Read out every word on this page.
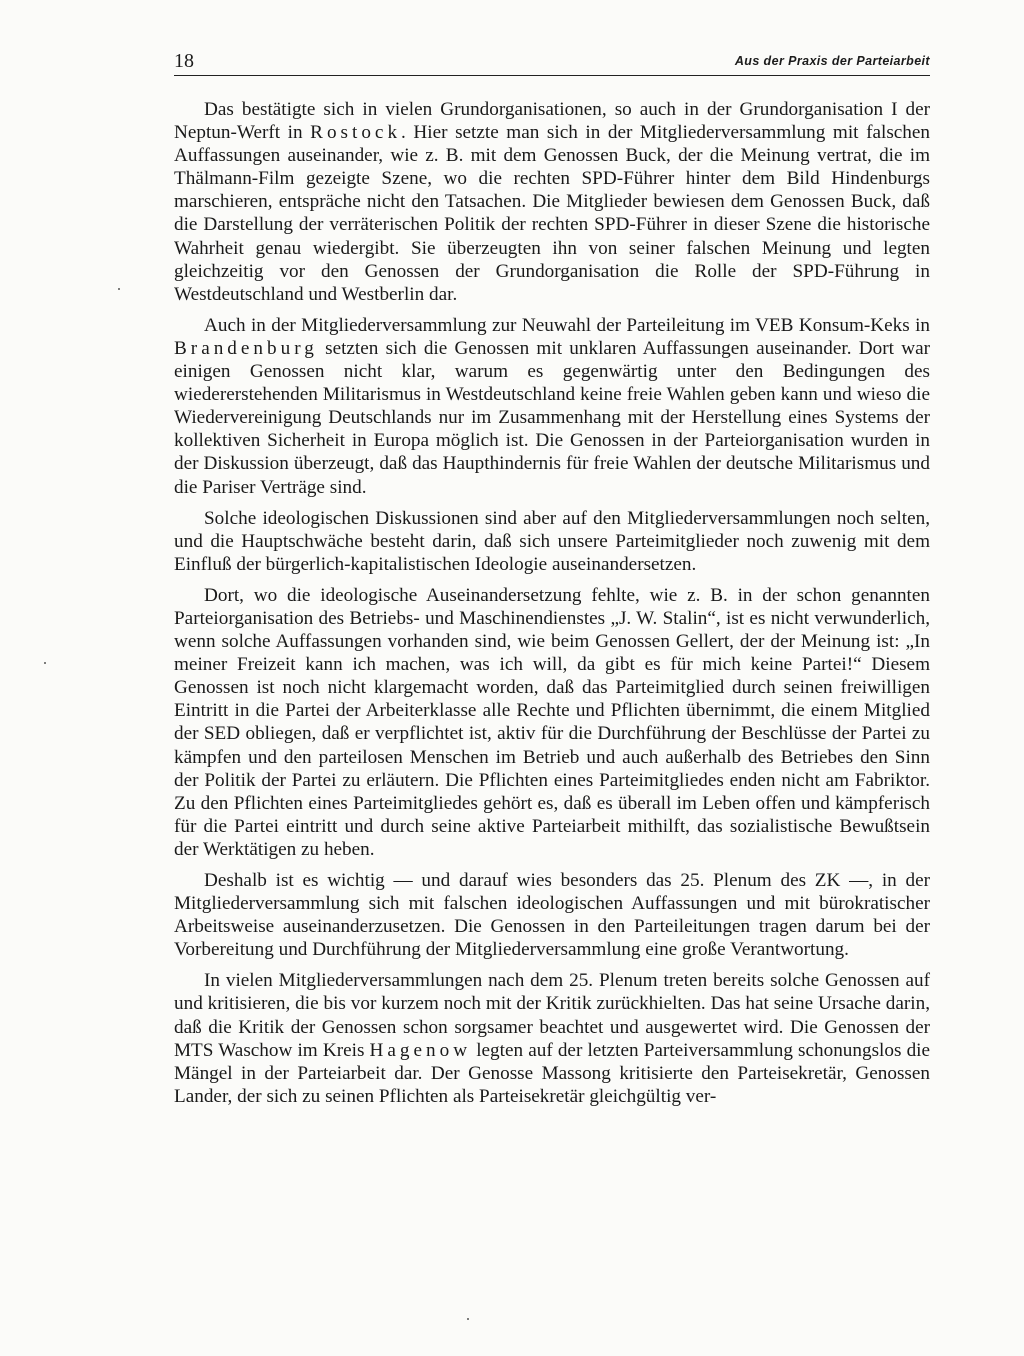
18	Aus der Praxis der Parteiarbeit

Das bestätigte sich in vielen Grundorganisationen, so auch in der Grundorganisation I der Neptun-Werft in Rostock. Hier setzte man sich in der Mitgliederversammlung mit falschen Auffassungen auseinander, wie z. B. mit dem Genossen Buck, der die Meinung vertrat, die im Thälmann-Film gezeigte Szene, wo die rechten SPD-Führer hinter dem Bild Hindenburgs marschieren, entspräche nicht den Tatsachen. Die Mitglieder bewiesen dem Genossen Buck, daß die Darstellung der verräterischen Politik der rechten SPD-Führer in dieser Szene die historische Wahrheit genau wiedergibt. Sie überzeugten ihn von seiner falschen Meinung und legten gleichzeitig vor den Genossen der Grundorganisation die Rolle der SPD-Führung in Westdeutschland und Westberlin dar.

Auch in der Mitgliederversammlung zur Neuwahl der Parteileitung im VEB Konsum-Keks in Brandenburg setzten sich die Genossen mit unklaren Auffassungen auseinander. Dort war einigen Genossen nicht klar, warum es gegenwärtig unter den Bedingungen des wiedererstehenden Militarismus in Westdeutschland keine freie Wahlen geben kann und wieso die Wiedervereinigung Deutschlands nur im Zusammenhang mit der Herstellung eines Systems der kollektiven Sicherheit in Europa möglich ist. Die Genossen in der Parteiorganisation wurden in der Diskussion überzeugt, daß das Haupthindernis für freie Wahlen der deutsche Militarismus und die Pariser Verträge sind.

Solche ideologischen Diskussionen sind aber auf den Mitgliederversammlungen noch selten, und die Hauptschwäche besteht darin, daß sich unsere Parteimitglieder noch zuwenig mit dem Einfluß der bürgerlich-kapitalistischen Ideologie auseinandersetzen.

Dort, wo die ideologische Auseinandersetzung fehlte, wie z. B. in der schon genannten Parteiorganisation des Betriebs- und Maschinendienstes „J. W. Stalin“, ist es nicht verwunderlich, wenn solche Auffassungen vorhanden sind, wie beim Genossen Gellert, der der Meinung ist: „In meiner Freizeit kann ich machen, was ich will, da gibt es für mich keine Partei!“ Diesem Genossen ist noch nicht klargemacht worden, daß das Parteimitglied durch seinen freiwilligen Eintritt in die Partei der Arbeiterklasse alle Rechte und Pflichten übernimmt, die einem Mitglied der SED obliegen, daß er verpflichtet ist, aktiv für die Durchführung der Beschlüsse der Partei zu kämpfen und den parteilosen Menschen im Betrieb und auch außerhalb des Betriebes den Sinn der Politik der Partei zu erläutern. Die Pflichten eines Parteimitgliedes enden nicht am Fabriktor. Zu den Pflichten eines Parteimitgliedes gehört es, daß es überall im Leben offen und kämpferisch für die Partei eintritt und durch seine aktive Parteiarbeit mithilft, das sozialistische Bewußtsein der Werktätigen zu heben.

Deshalb ist es wichtig — und darauf wies besonders das 25. Plenum des ZK —, in der Mitgliederversammlung sich mit falschen ideologischen Auffassungen und mit bürokratischer Arbeitsweise auseinanderzusetzen. Die Genossen in den Parteileitungen tragen darum bei der Vorbereitung und Durchführung der Mitgliederversammlung eine große Verantwortung.

In vielen Mitgliederversammlungen nach dem 25. Plenum treten bereits solche Genossen auf und kritisieren, die bis vor kurzem noch mit der Kritik zurückhielten. Das hat seine Ursache darin, daß die Kritik der Genossen schon sorgsamer beachtet und ausgewertet wird. Die Genossen der MTS Waschow im Kreis Hagenow legten auf der letzten Parteiversammlung schonungslos die Mängel in der Parteiarbeit dar. Der Genosse Massong kritisierte den Parteisekretär, Genossen Lander, der sich zu seinen Pflichten als Parteisekretär gleichgültig ver-
